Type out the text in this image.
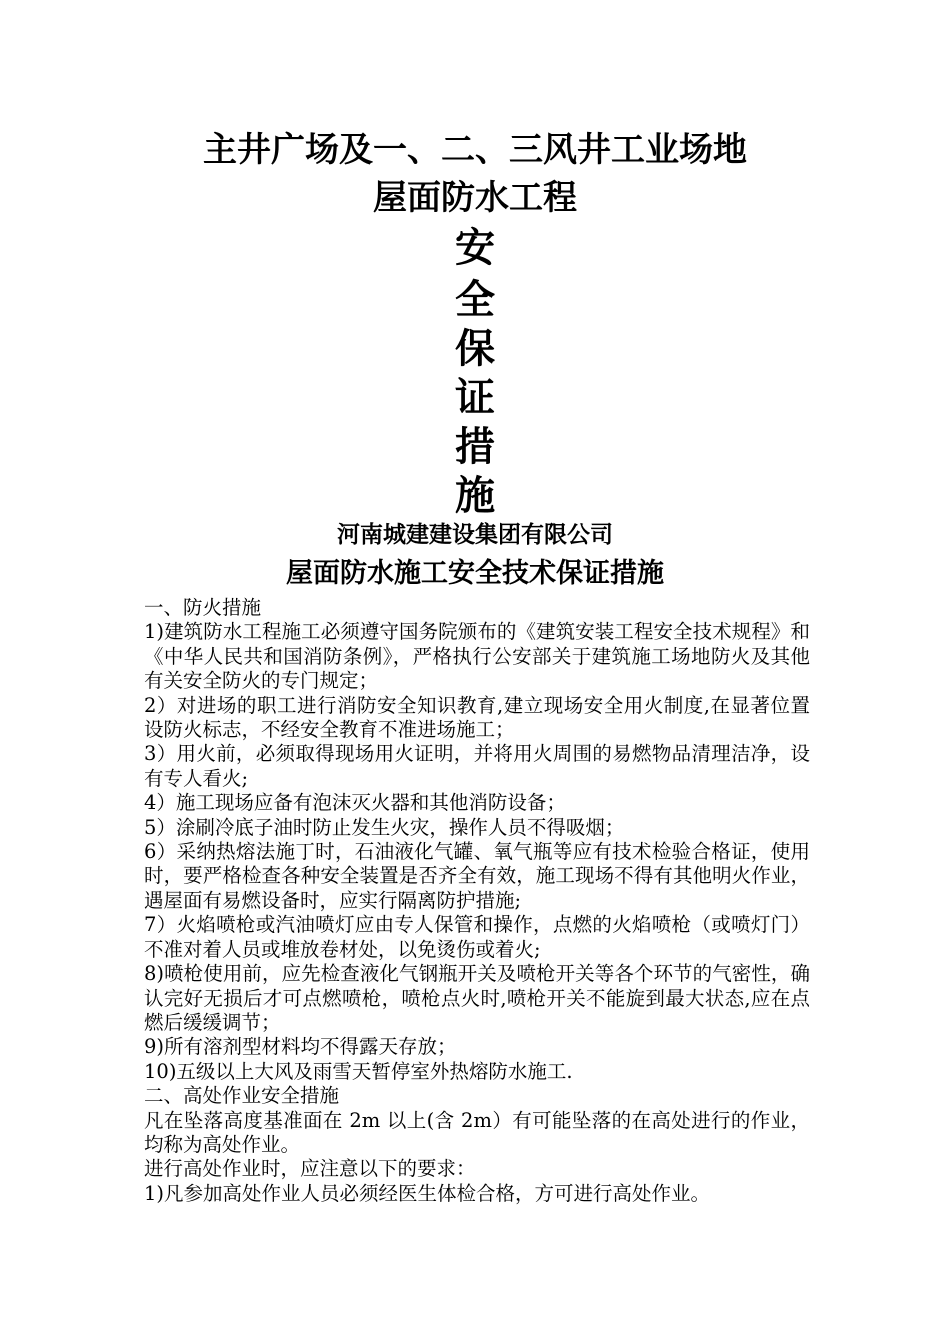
主井广场及一、二、三风井工业场地
屋面防水工程
安
全
保
证
措
施
河南城建建设集团有限公司
屋面防水施工安全技术保证措施

一、防火措施

1)建筑防水工程施工必须遵守国务院颁布的《建筑安装工程安全技术规程》和《中华人民共和国消防条例》，严格执行公安部关于建筑施工场地防火及其他有关安全防火的专门规定；

2）对进场的职工进行消防安全知识教育,建立现场安全用火制度,在显著位置设防火标志，不经安全教育不准进场施工；

3）用火前，必须取得现场用火证明，并将用火周围的易燃物品清理洁净，设有专人看火;

4）施工现场应备有泡沫灭火器和其他消防设备；

5）涂刷冷底子油时防止发生火灾，操作人员不得吸烟；

6）采纳热熔法施丁时，石油液化气罐、氧气瓶等应有技术检验合格证，使用时，要严格检查各种安全装置是否齐全有效，施工现场不得有其他明火作业，遇屋面有易燃设备时，应实行隔离防护措施;

7）火焰喷枪或汽油喷灯应由专人保管和操作，点燃的火焰喷枪（或喷灯门）不准对着人员或堆放卷材处，以免烫伤或着火;

8)喷枪使用前，应先检查液化气钢瓶开关及喷枪开关等各个环节的气密性，确认完好无损后才可点燃喷枪，喷枪点火时,喷枪开关不能旋到最大状态,应在点燃后缓缓调节；

9)所有溶剂型材料均不得露天存放；

10)五级以上大风及雨雪天暂停室外热熔防水施工.

二、高处作业安全措施

凡在坠落高度基准面在 2m 以上(含 2m）有可能坠落的在高处进行的作业，均称为高处作业。

进行高处作业时，应注意以下的要求：

1)凡参加高处作业人员必须经医生体检合格，方可进行高处作业。
